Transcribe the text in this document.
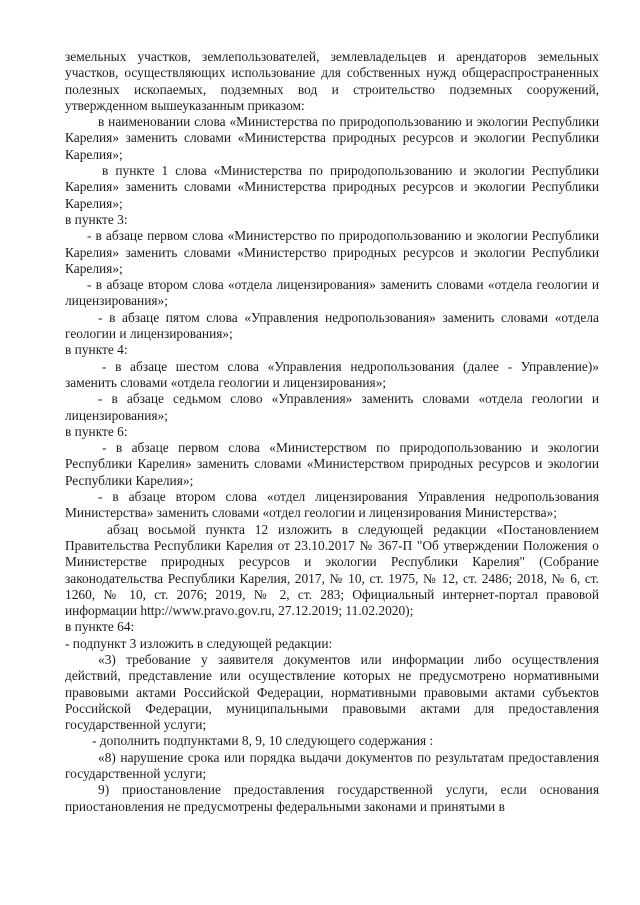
земельных участков, землепользователей, землевладельцев и арендаторов земельных участков, осуществляющих использование для собственных нужд общераспространенных полезных ископаемых, подземных вод и строительство подземных сооружений, утвержденном вышеуказанным приказом:

в наименовании слова «Министерства по природопользованию и экологии Республики Карелия» заменить словами «Министерства природных ресурсов и экологии Республики Карелия»;

в пункте 1 слова «Министерства по природопользованию и экологии Республики Карелия» заменить словами «Министерства природных ресурсов и экологии Республики Карелия»;

в пункте 3:

- в абзаце первом слова «Министерство по природопользованию и экологии Республики Карелия» заменить словами «Министерство природных ресурсов и экологии Республики Карелия»;

- в абзаце втором слова «отдела лицензирования» заменить словами «отдела геологии и лицензирования»;

- в абзаце пятом слова «Управления недропользования» заменить словами «отдела геологии и лицензирования»;

в пункте 4:

- в абзаце шестом слова «Управления недропользования (далее - Управление)» заменить словами «отдела геологии и лицензирования»;

- в абзаце седьмом слово «Управления» заменить словами «отдела геологии и лицензирования»;

в пункте 6:

- в абзаце первом слова «Министерством по природопользованию и экологии Республики Карелия» заменить словами «Министерством природных ресурсов и экологии Республики Карелия»;

- в абзаце втором слова «отдел лицензирования Управления недропользования Министерства» заменить словами «отдел геологии и лицензирования Министерства»;

абзац восьмой пункта 12 изложить в следующей редакции «Постановлением Правительства Республики Карелия от 23.10.2017 № 367-П "Об утверждении Положения о Министерстве природных ресурсов и экологии Республики Карелия" (Собрание законодательства Республики Карелия, 2017, № 10, ст. 1975, № 12, ст. 2486; 2018, № 6, ст. 1260, № 10, ст. 2076; 2019, № 2, ст. 283; Официальный интернет-портал правовой информации http://www.pravo.gov.ru, 27.12.2019; 11.02.2020);

в пункте 64:

- подпункт 3 изложить в следующей редакции:

«3) требование у заявителя документов или информации либо осуществления действий, представление или осуществление которых не предусмотрено нормативными правовыми актами Российской Федерации, нормативными правовыми актами субъектов Российской Федерации, муниципальными правовыми актами для предоставления государственной услуги;

- дополнить подпунктами 8, 9, 10 следующего содержания :

«8) нарушение срока или порядка выдачи документов по результатам предоставления государственной услуги;

9) приостановление предоставления государственной услуги, если основания приостановления не предусмотрены федеральными законами и принятыми в
